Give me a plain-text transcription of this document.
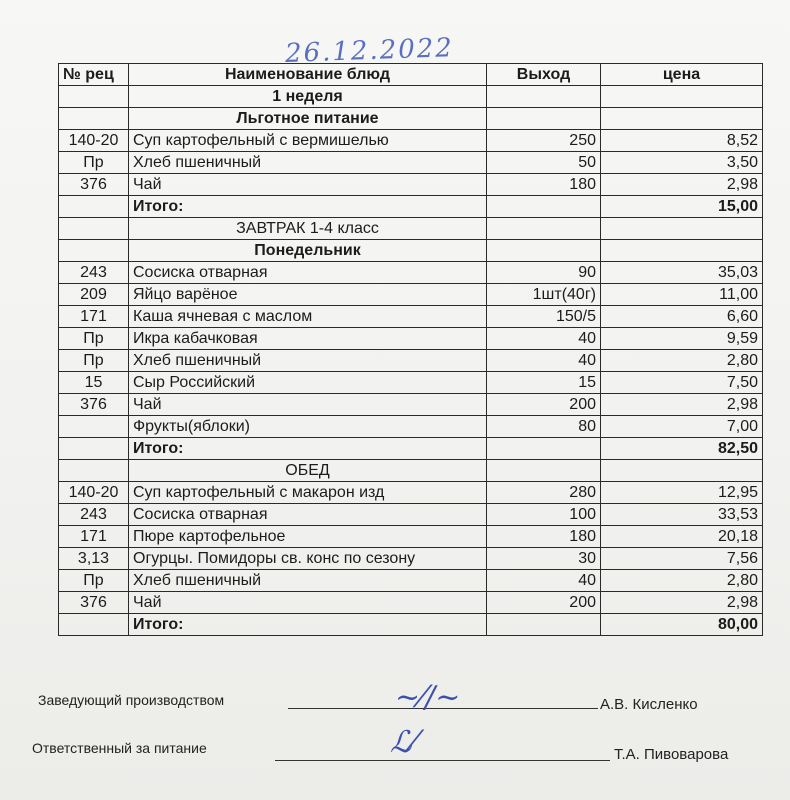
26.12.2022
№ рец	Наименование блюд	Выход	цена
	1 неделя		
	Льготное питание		
140-20	Суп картофельный с вермишелью	250	8,52
Пр	Хлеб пшеничный	50	3,50
376	Чай	180	2,98
	Итого:		15,00
	ЗАВТРАК 1-4 класс		
	Понедельник		
243	Сосиска отварная	90	35,03
209	Яйцо варёное	1шт(40г)	11,00
171	Каша ячневая с маслом	150/5	6,60
Пр	Икра кабачковая	40	9,59
Пр	Хлеб пшеничный	40	2,80
15	Сыр Российский	15	7,50
376	Чай	200	2,98
	Фрукты(яблоки)	80	7,00
	Итого:		82,50
	ОБЕД		
140-20	Суп картофельный с макарон изд	280	12,95
243	Сосиска отварная	100	33,53
171	Пюре картофельное	180	20,18
3,13	Огурцы. Помидоры св. конс по сезону	30	7,56
Пр	Хлеб пшеничный	40	2,80
376	Чай	200	2,98
	Итого:		80,00
Заведующий производством	~⁄/~	А.В. Кисленко
Ответственный за питание	ℒ⁄	Т.А. Пивоварова
